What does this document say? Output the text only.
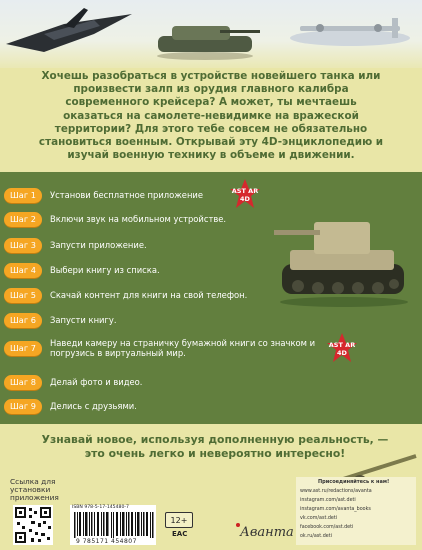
Хочешь разобраться в устройстве новейшего танка или произвести залп из орудия главного калибра современного крейсера? А может, ты мечтаешь оказаться на самолете-невидимке на вражеской территории? Для этого тебе совсем не обязательно становиться военным. Открывай эту 4D-энциклопедию и изучай военную технику в объеме и движении.
Шаг 1	Установи бесплатное приложение	AST AR
4D
Шаг 2	Включи звук на мобильном устройстве.
Шаг 3	Запусти приложение.
Шаг 4	Выбери книгу из списка.
Шаг 5	Скачай контент для книги на свой телефон.
Шаг 6	Запусти книгу.
Шаг 7	Наведи камеру на страничку бумажной книги со значком и погрузись в виртуальный мир.
AST AR
4D
Шаг 8	Делай фото и видео.
Шаг 9	Делись с друзьями.
Узнавай новое, используя дополненную реальность, — это очень легко и невероятно интересно!
Ссылка для установки приложения
ISBN 978-5-17-145480-7
9 785171 454807
12+
EAC	Аванта
Присоединяйтесь к нам!
www.ast.ru/redactions/avanta
instagram.com/ast.deti
instagram.com/avanta_books
vk.com/ast.deti
facebook.com/ast.deti
ok.ru/ast.deti
